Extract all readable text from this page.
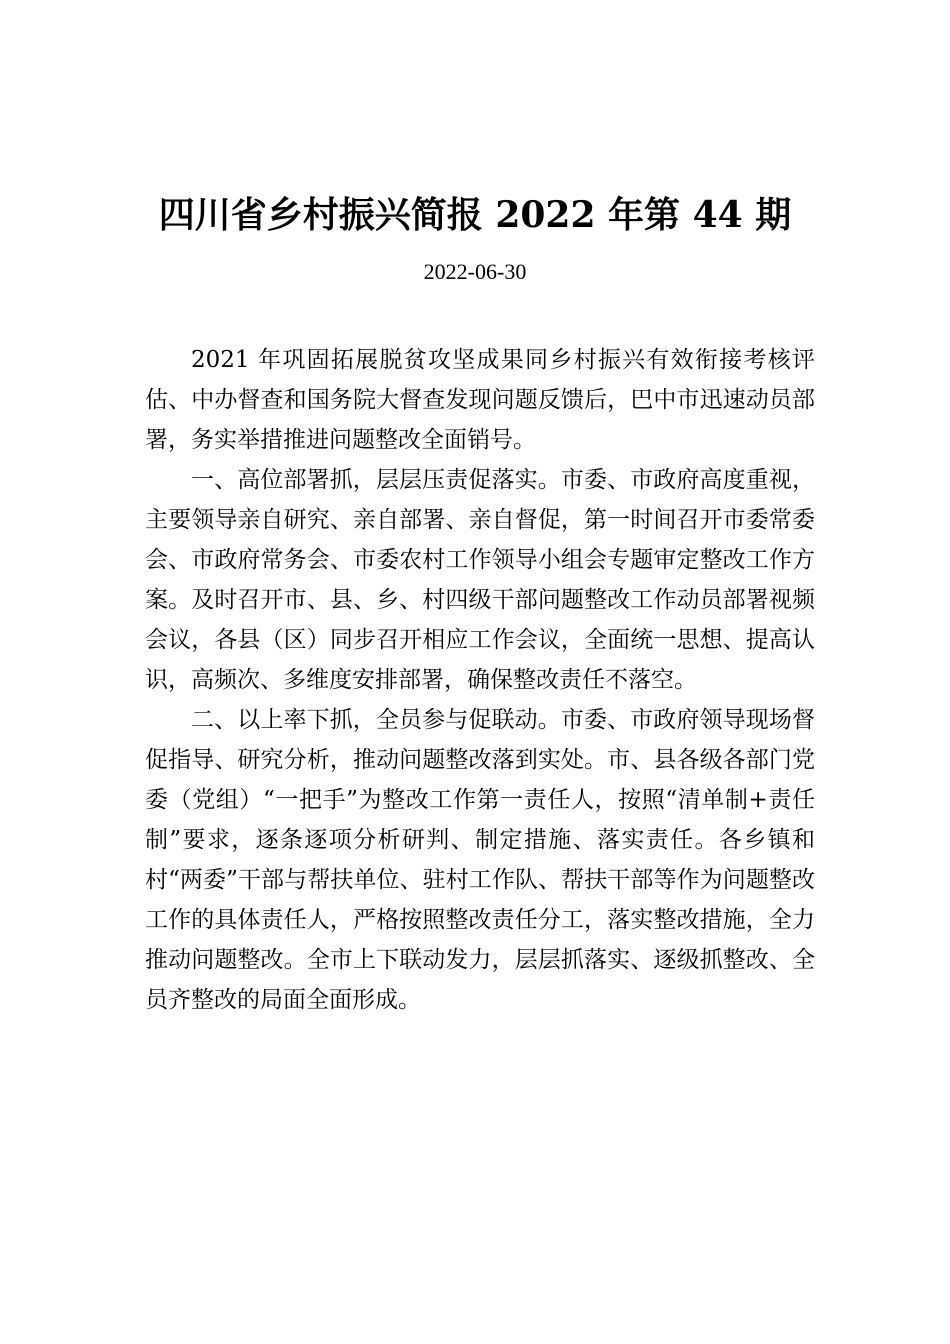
四川省乡村振兴简报 2022 年第 44 期
2022-06-30

2021 年巩固拓展脱贫攻坚成果同乡村振兴有效衔接考核评估、中办督查和国务院大督查发现问题反馈后，巴中市迅速动员部署，务实举措推进问题整改全面销号。

一、高位部署抓，层层压责促落实。市委、市政府高度重视，主要领导亲自研究、亲自部署、亲自督促，第一时间召开市委常委会、市政府常务会、市委农村工作领导小组会专题审定整改工作方案。及时召开市、县、乡、村四级干部问题整改工作动员部署视频会议，各县（区）同步召开相应工作会议，全面统一思想、提高认识，高频次、多维度安排部署，确保整改责任不落空。

二、以上率下抓，全员参与促联动。市委、市政府领导现场督促指导、研究分析，推动问题整改落到实处。市、县各级各部门党委（党组）“一把手”为整改工作第一责任人，按照“清单制+责任制”要求，逐条逐项分析研判、制定措施、落实责任。各乡镇和村“两委”干部与帮扶单位、驻村工作队、帮扶干部等作为问题整改工作的具体责任人，严格按照整改责任分工，落实整改措施，全力推动问题整改。全市上下联动发力，层层抓落实、逐级抓整改、全员齐整改的局面全面形成。
